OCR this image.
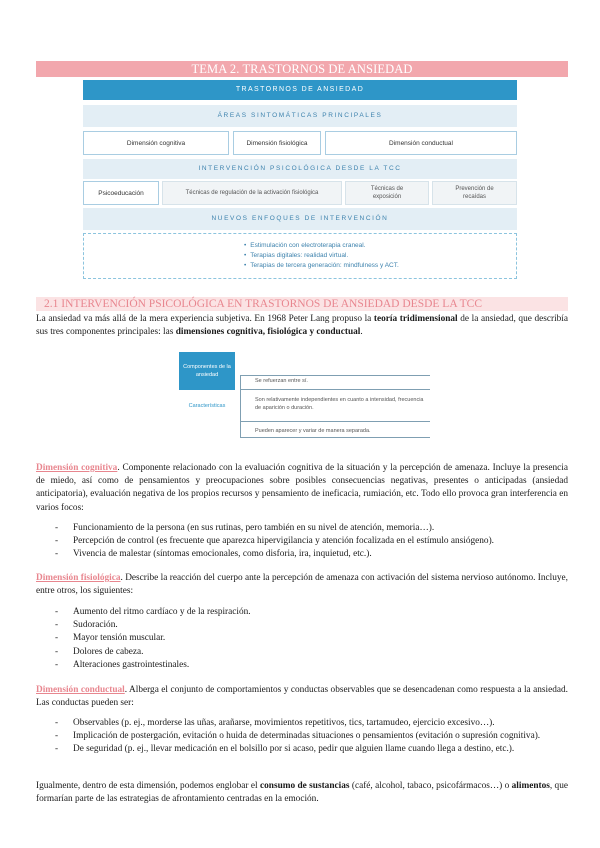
TEMA 2. TRASTORNOS DE ANSIEDAD
TRASTORNOS DE ANSIEDAD
ÁREAS SINTOMÁTICAS PRINCIPALES
Dimensión cognitiva	Dimensión fisiológica	Dimensión conductual
INTERVENCIÓN PSICOLÓGICA DESDE LA TCC
Psicoeducación	Técnicas de regulación de la activación fisiológica
Técnicas de exposición
Prevención de recaídas
NUEVOS ENFOQUES DE INTERVENCIÓN
• Estimulación con electroterapia craneal.
• Terapias digitales: realidad virtual.
• Terapias de tercera generación: mindfulness y ACT.
2.1 INTERVENCIÓN PSICOLÓGICA EN TRASTORNOS DE ANSIEDAD DESDE LA TCC
La ansiedad va más allá de la mera experiencia subjetiva. En 1968 Peter Lang propuso la teoría tridimensional de la ansiedad, que describía sus tres componentes principales: las dimensiones cognitiva, fisiológica y conductual.
Componentes de la ansiedad
Características
Se refuerzan entre sí.
Son relativamente independientes en cuanto a intensidad, frecuencia de aparición o duración.
Pueden aparecer y variar de manera separada.
Dimensión cognitiva. Componente relacionado con la evaluación cognitiva de la situación y la percepción de amenaza. Incluye la presencia de miedo, así como de pensamientos y preocupaciones sobre posibles consecuencias negativas, presentes o anticipadas (ansiedad anticipatoria), evaluación negativa de los propios recursos y pensamiento de ineficacia, rumiación, etc. Todo ello provoca gran interferencia en varios focos:
- Funcionamiento de la persona (en sus rutinas, pero también en su nivel de atención, memoria…).
- Percepción de control (es frecuente que aparezca hipervigilancia y atención focalizada en el estímulo ansiógeno).
- Vivencia de malestar (síntomas emocionales, como disforia, ira, inquietud, etc.).
Dimensión fisiológica. Describe la reacción del cuerpo ante la percepción de amenaza con activación del sistema nervioso autónomo. Incluye, entre otros, los siguientes:
- Aumento del ritmo cardíaco y de la respiración.
- Sudoración.
- Mayor tensión muscular.
- Dolores de cabeza.
- Alteraciones gastrointestinales.
Dimensión conductual. Alberga el conjunto de comportamientos y conductas observables que se desencadenan como respuesta a la ansiedad. Las conductas pueden ser:
- Observables (p. ej., morderse las uñas, arañarse, movimientos repetitivos, tics, tartamudeo, ejercicio excesivo…).
- Implicación de postergación, evitación o huida de determinadas situaciones o pensamientos (evitación o supresión cognitiva).
- De seguridad (p. ej., llevar medicación en el bolsillo por si acaso, pedir que alguien llame cuando llega a destino, etc.).
Igualmente, dentro de esta dimensión, podemos englobar el consumo de sustancias (café, alcohol, tabaco, psicofármacos…) o alimentos, que formarían parte de las estrategias de afrontamiento centradas en la emoción.
